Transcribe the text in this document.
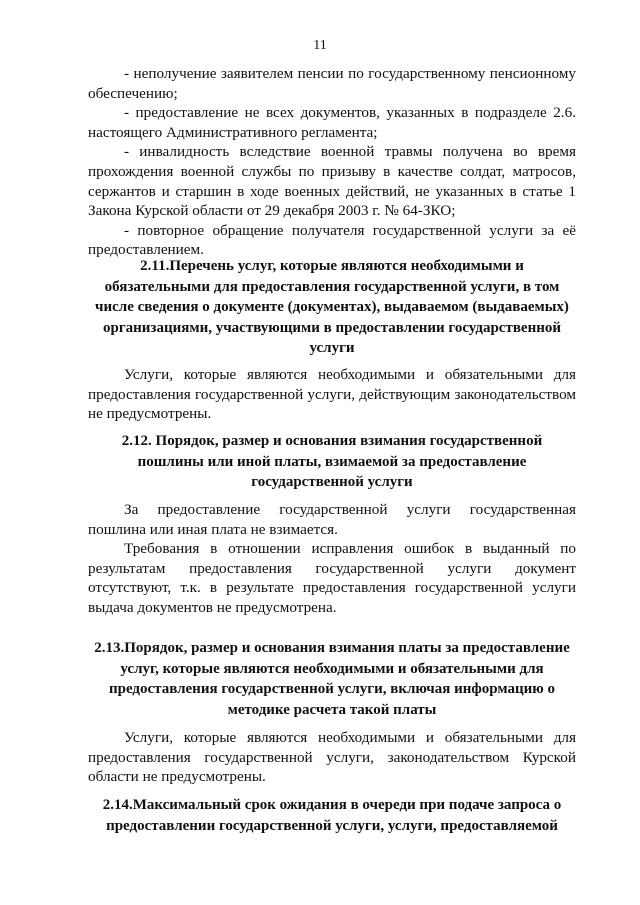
11

- неполучение заявителем пенсии по государственному пенсионному обеспечению;

- предоставление не всех документов, указанных в подразделе 2.6. настоящего Административного регламента;

- инвалидность вследствие военной травмы получена во время прохождения военной службы по призыву в качестве солдат, матросов, сержантов и старшин в ходе военных действий, не указанных в статье 1 Закона Курской области от 29 декабря 2003 г. № 64-ЗКО;

- повторное обращение получателя государственной услуги за её предоставлением.

2.11.Перечень услуг, которые являются необходимыми и обязательными для предоставления государственной услуги, в том числе сведения о документе (документах), выдаваемом (выдаваемых) организациями, участвующими в предоставлении государственной услуги

Услуги, которые являются необходимыми и обязательными для предоставления государственной услуги, действующим законодательством не предусмотрены.

2.12. Порядок, размер и основания взимания государственной пошлины или иной платы, взимаемой за предоставление государственной услуги

За предоставление государственной услуги государственная пошлина или иная плата не взимается.

Требования в отношении исправления ошибок в выданный по результатам предоставления государственной услуги документ отсутствуют, т.к. в результате предоставления государственной услуги выдача документов не предусмотрена.

2.13.Порядок, размер и основания взимания платы за предоставление услуг, которые являются необходимыми и обязательными для предоставления государственной услуги, включая информацию о методике расчета такой платы

Услуги, которые являются необходимыми и обязательными для предоставления государственной услуги, законодательством Курской области не предусмотрены.

2.14.Максимальный срок ожидания в очереди при подаче запроса о предоставлении государственной услуги, услуги, предоставляемой
